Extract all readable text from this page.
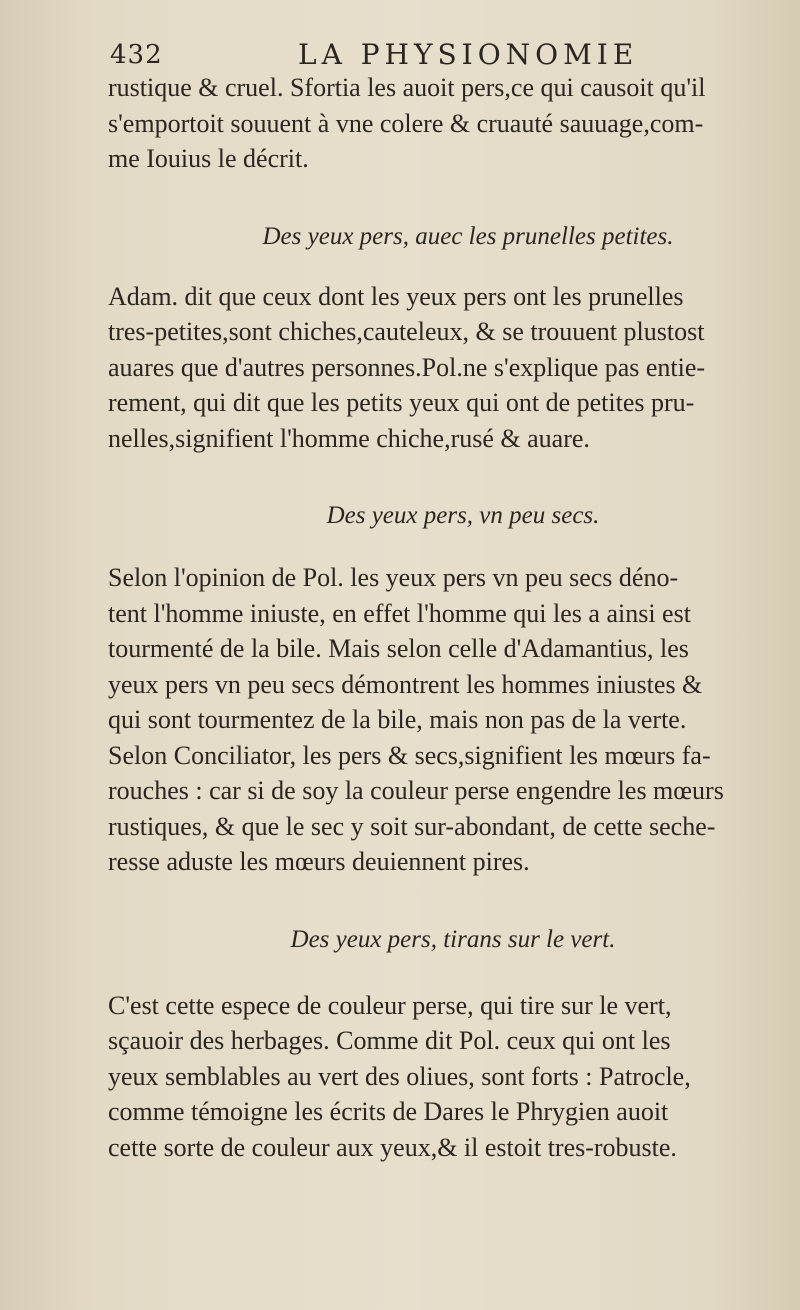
432	LA PHYSIONOMIE
rustique & cruel. Sfortia les auoit pers,ce qui causoit qu'il
s'emportoit souuent à vne colere & cruauté sauuage,com-
me Iouius le décrit.
Des yeux pers, auec les prunelles petites.
Adam. dit que ceux dont les yeux pers ont les prunelles
tres-petites,sont chiches,cauteleux, & se trouuent plustost
auares que d'autres personnes.Pol.ne s'explique pas entie-
rement, qui dit que les petits yeux qui ont de petites pru-
nelles,signifient l'homme chiche,rusé & auare.
Des yeux pers, vn peu secs.
Selon l'opinion de Pol. les yeux pers vn peu secs déno-
tent l'homme iniuste, en effet l'homme qui les a ainsi est
tourmenté de la bile. Mais selon celle d'Adamantius, les
yeux pers vn peu secs démontrent les hommes iniustes &
qui sont tourmentez de la bile, mais non pas de la verte.
Selon Conciliator, les pers & secs,signifient les mœurs fa-
rouches : car si de soy la couleur perse engendre les mœurs
rustiques, & que le sec y soit sur-abondant, de cette seche-
resse aduste les mœurs deuiennent pires.
Des yeux pers, tirans sur le vert.
C'est cette espece de couleur perse, qui tire sur le vert,
sçauoir des herbages. Comme dit Pol. ceux qui ont les
yeux semblables au vert des oliues, sont forts : Patrocle,
comme témoigne les écrits de Dares le Phrygien auoit
cette sorte de couleur aux yeux,& il estoit tres-robuste.
